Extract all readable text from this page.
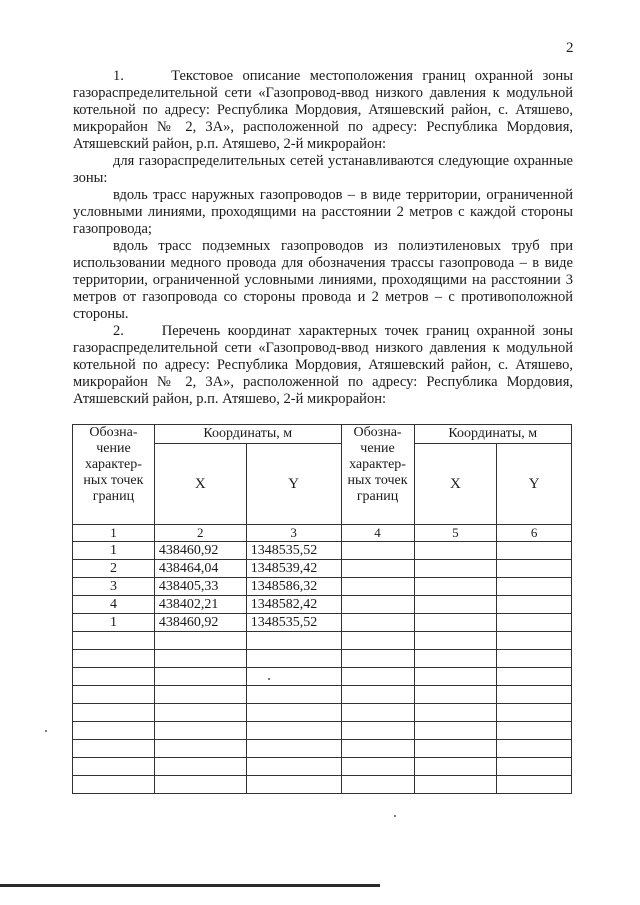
2

1.     Текстовое описание местоположения границ охранной зоны газораспределительной сети «Газопровод-ввод низкого давления к модульной котельной по адресу: Республика Мордовия, Атяшевский район, с. Атяшево, микрорайон № 2, 3А», расположенной по адресу: Республика Мордовия, Атяшевский район, р.п. Атяшево, 2-й микрорайон:

для газораспределительных сетей устанавливаются следующие охранные зоны:

вдоль трасс наружных газопроводов – в виде территории, ограниченной условными линиями, проходящими на расстоянии 2 метров с каждой стороны газопровода;

вдоль трасс подземных газопроводов из полиэтиленовых труб при использовании медного провода для обозначения трассы газопровода – в виде территории, ограниченной условными линиями, проходящими на расстоянии 3 метров от газопровода со стороны провода и 2 метров – с противоположной стороны.

2.     Перечень координат характерных точек границ охранной зоны газораспределительной сети «Газопровод-ввод низкого давления к модульной котельной по адресу: Республика Мордовия, Атяшевский район, с. Атяшево, микрорайон № 2, 3А», расположенной по адресу: Республика Мордовия, Атяшевский район, р.п. Атяшево, 2-й микрорайон:

Обозна-чение характер-ных точек границ	Координаты, м		Обозна-чение характер-ных точек границ	Координаты, м	
	X	Y		X	Y
1	2	3	4	5	6
1	438460,92	1348535,52			
2	438464,04	1348539,42			
3	438405,33	1348586,32			
4	438402,21	1348582,42			
1	438460,92	1348535,52			
